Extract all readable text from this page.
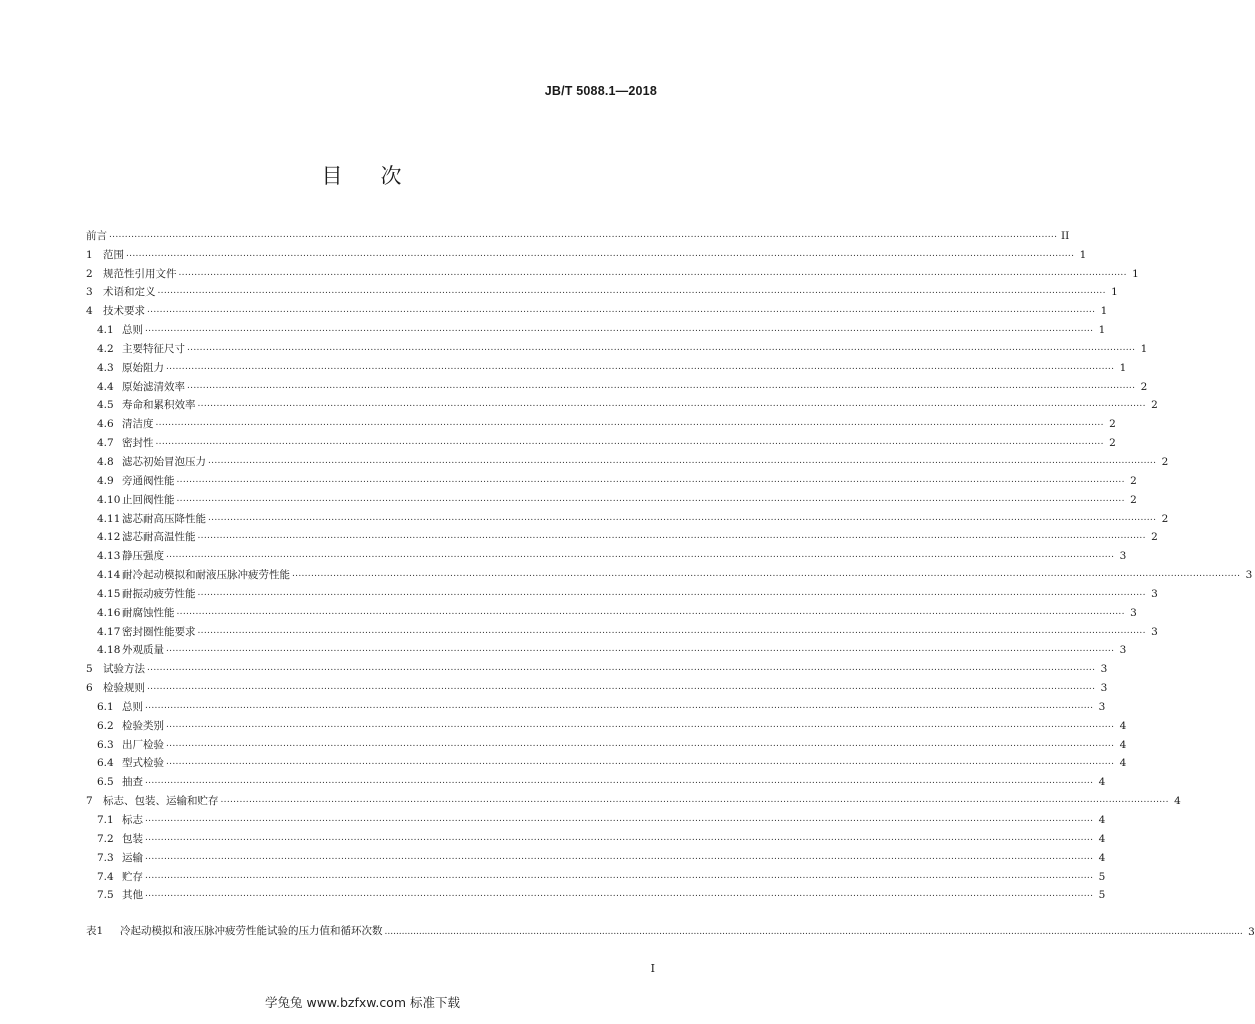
JB/T 5088.1—2018
目 次
前言 ............................................................................................................................................................................................................................................................................................................ II
1 范围 ............................................................................................................................................................................................................................................................................................................ 1
2 规范性引用文件 ............................................................................................................................................................................................................................................................................................................ 1
3 术语和定义 ............................................................................................................................................................................................................................................................................................................ 1
4 技术要求 ............................................................................................................................................................................................................................................................................................................ 1
4.1 总则 ............................................................................................................................................................................................................................................................................................................ 1
4.2 主要特征尺寸 ............................................................................................................................................................................................................................................................................................................ 1
4.3 原始阻力 ............................................................................................................................................................................................................................................................................................................ 1
4.4 原始滤清效率 ............................................................................................................................................................................................................................................................................................................ 2
4.5 寿命和累积效率 ............................................................................................................................................................................................................................................................................................................ 2
4.6 清洁度 ............................................................................................................................................................................................................................................................................................................ 2
4.7 密封性 ............................................................................................................................................................................................................................................................................................................ 2
4.8 滤芯初始冒泡压力 ............................................................................................................................................................................................................................................................................................................ 2
4.9 旁通阀性能 ............................................................................................................................................................................................................................................................................................................ 2
4.10 止回阀性能 ............................................................................................................................................................................................................................................................................................................ 2
4.11 滤芯耐高压降性能 ............................................................................................................................................................................................................................................................................................................ 2
4.12 滤芯耐高温性能 ............................................................................................................................................................................................................................................................................................................ 2
4.13 静压强度 ............................................................................................................................................................................................................................................................................................................ 3
4.14 耐冷起动模拟和耐液压脉冲疲劳性能 ............................................................................................................................................................................................................................................................................................................ 3
4.15 耐振动疲劳性能 ............................................................................................................................................................................................................................................................................................................ 3
4.16 耐腐蚀性能 ............................................................................................................................................................................................................................................................................................................ 3
4.17 密封圈性能要求 ............................................................................................................................................................................................................................................................................................................ 3
4.18 外观质量 ............................................................................................................................................................................................................................................................................................................ 3
5 试验方法 ............................................................................................................................................................................................................................................................................................................ 3
6 检验规则 ............................................................................................................................................................................................................................................................................................................ 3
6.1 总则 ............................................................................................................................................................................................................................................................................................................ 3
6.2 检验类别 ............................................................................................................................................................................................................................................................................................................ 4
6.3 出厂检验 ............................................................................................................................................................................................................................................................................................................ 4
6.4 型式检验 ............................................................................................................................................................................................................................................................................................................ 4
6.5 抽查 ............................................................................................................................................................................................................................................................................................................ 4
7 标志、包装、运输和贮存 ............................................................................................................................................................................................................................................................................................................ 4
7.1 标志 ............................................................................................................................................................................................................................................................................................................ 4
7.2 包装 ............................................................................................................................................................................................................................................................................................................ 4
7.3 运输 ............................................................................................................................................................................................................................................................................................................ 4
7.4 贮存 ............................................................................................................................................................................................................................................................................................................ 5
7.5 其他 ............................................................................................................................................................................................................................................................................................................ 5
表1	冷起动模拟和液压脉冲疲劳性能试验的压力值和循环次数 ............................................................................................................................................................................................................................................................................................................ 3
I
学兔兔 www.bzfxw.com 标准下载
